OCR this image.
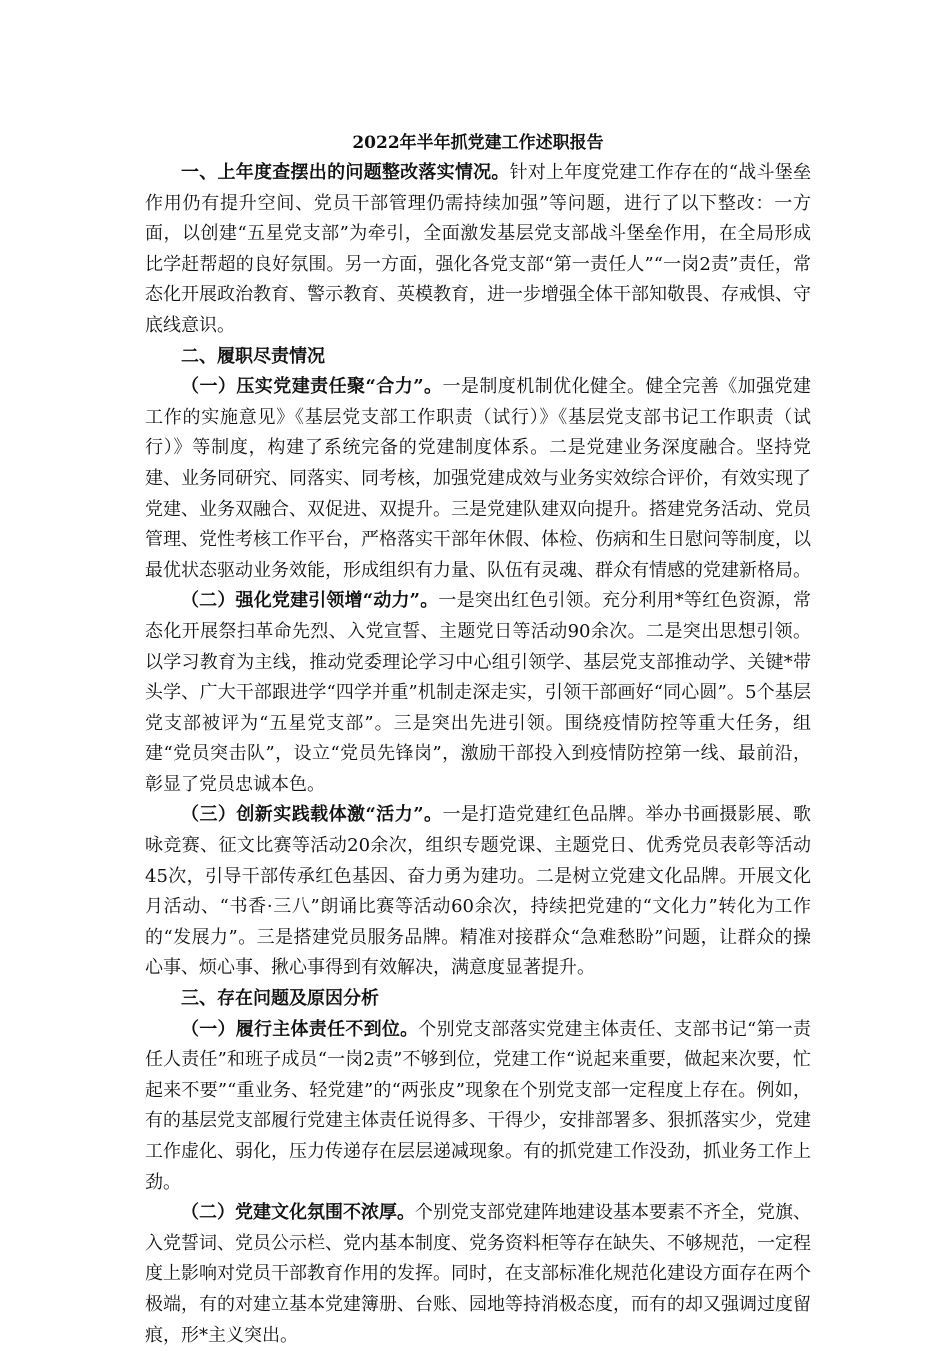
2022年半年抓党建工作述职报告

一、上年度查摆出的问题整改落实情况。针对上年度党建工作存在的“战斗堡垒作用仍有提升空间、党员干部管理仍需持续加强”等问题，进行了以下整改：一方面，以创建“五星党支部”为牵引，全面激发基层党支部战斗堡垒作用，在全局形成比学赶帮超的良好氛围。另一方面，强化各党支部“第一责任人”“一岗2责”责任，常态化开展政治教育、警示教育、英模教育，进一步增强全体干部知敬畏、存戒惧、守底线意识。

二、履职尽责情况

（一）压实党建责任聚“合力”。一是制度机制优化健全。健全完善《加强党建工作的实施意见》《基层党支部工作职责（试行）》《基层党支部书记工作职责（试行）》等制度，构建了系统完备的党建制度体系。二是党建业务深度融合。坚持党建、业务同研究、同落实、同考核，加强党建成效与业务实效综合评价，有效实现了党建、业务双融合、双促进、双提升。三是党建队建双向提升。搭建党务活动、党员管理、党性考核工作平台，严格落实干部年休假、体检、伤病和生日慰问等制度，以最优状态驱动业务效能，形成组织有力量、队伍有灵魂、群众有情感的党建新格局。

（二）强化党建引领增“动力”。一是突出红色引领。充分利用*等红色资源，常态化开展祭扫革命先烈、入党宣誓、主题党日等活动90余次。二是突出思想引领。以学习教育为主线，推动党委理论学习中心组引领学、基层党支部推动学、关键*带头学、广大干部跟进学“四学并重”机制走深走实，引领干部画好“同心圆”。5个基层党支部被评为“五星党支部”。三是突出先进引领。围绕疫情防控等重大任务，组建“党员突击队”，设立“党员先锋岗”，激励干部投入到疫情防控第一线、最前沿，彰显了党员忠诚本色。

（三）创新实践载体激“活力”。一是打造党建红色品牌。举办书画摄影展、歌咏竞赛、征文比赛等活动20余次，组织专题党课、主题党日、优秀党员表彰等活动45次，引导干部传承红色基因、奋力勇为建功。二是树立党建文化品牌。开展文化月活动、“书香·三八”朗诵比赛等活动60余次，持续把党建的“文化力”转化为工作的“发展力”。三是搭建党员服务品牌。精准对接群众“急难愁盼”问题，让群众的操心事、烦心事、揪心事得到有效解决，满意度显著提升。

三、存在问题及原因分析

（一）履行主体责任不到位。个别党支部落实党建主体责任、支部书记“第一责任人责任”和班子成员“一岗2责”不够到位，党建工作“说起来重要，做起来次要，忙起来不要”“重业务、轻党建”的“两张皮”现象在个别党支部一定程度上存在。例如，有的基层党支部履行党建主体责任说得多、干得少，安排部署多、狠抓落实少，党建工作虚化、弱化，压力传递存在层层递减现象。有的抓党建工作没劲，抓业务工作上劲。

（二）党建文化氛围不浓厚。个别党支部党建阵地建设基本要素不齐全，党旗、入党誓词、党员公示栏、党内基本制度、党务资料柜等存在缺失、不够规范，一定程度上影响对党员干部教育作用的发挥。同时，在支部标准化规范化建设方面存在两个极端，有的对建立基本党建簿册、台账、园地等持消极态度，而有的却又强调过度留痕，形*主义突出。
